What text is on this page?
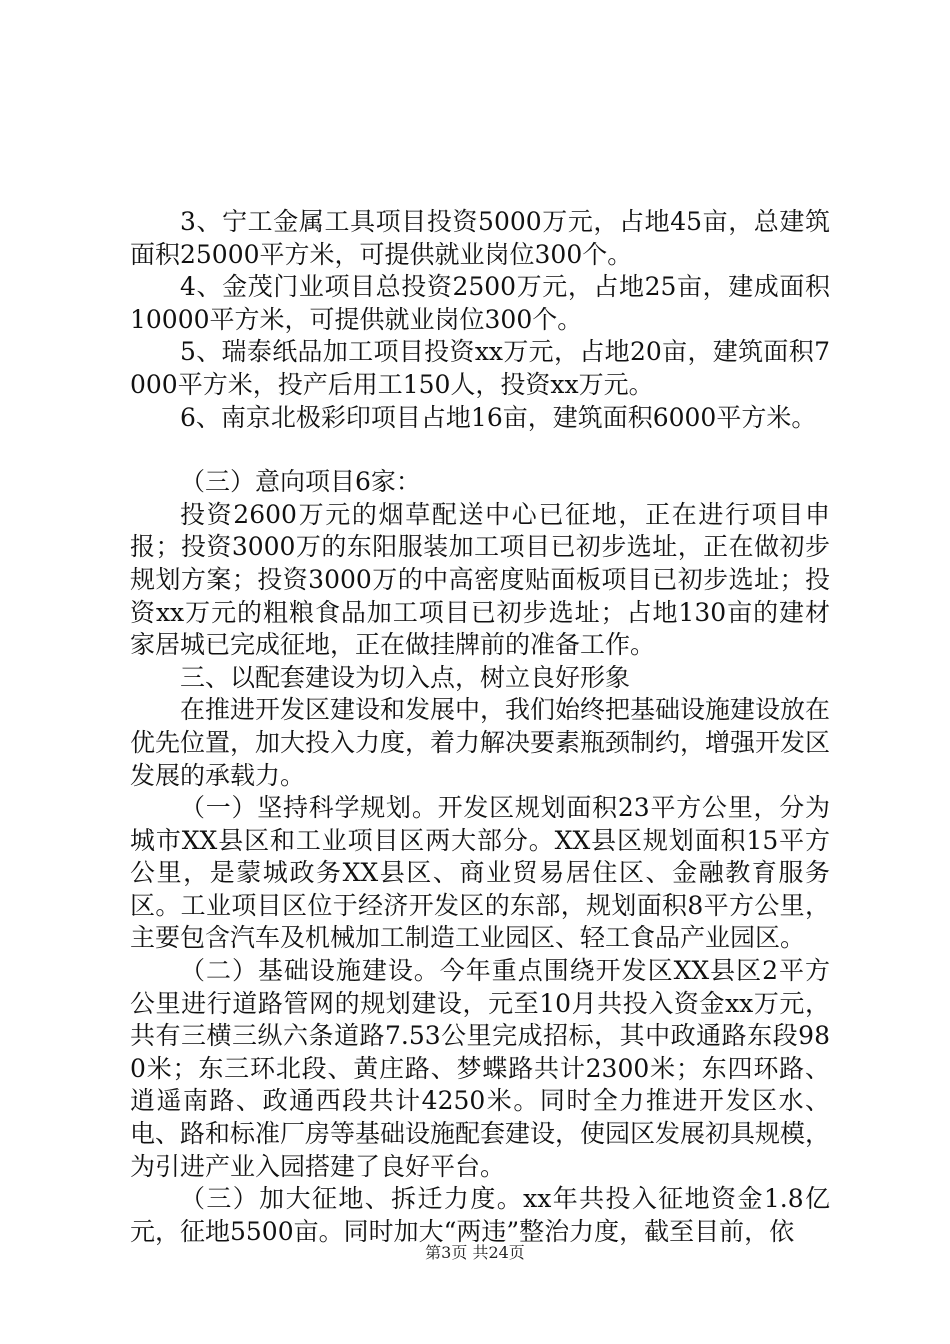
3、宁工金属工具项目投资5000万元，占地45亩，总建筑面积25000平方米，可提供就业岗位300个。

4、金茂门业项目总投资2500万元，占地25亩，建成面积10000平方米，可提供就业岗位300个。

5、瑞泰纸品加工项目投资xx万元，占地20亩，建筑面积7000平方米，投产后用工150人，投资xx万元。

6、南京北极彩印项目占地16亩，建筑面积6000平方米。

（三）意向项目6家：

投资2600万元的烟草配送中心已征地，正在进行项目申报；投资3000万的东阳服装加工项目已初步选址，正在做初步规划方案；投资3000万的中高密度贴面板项目已初步选址；投资xx万元的粗粮食品加工项目已初步选址；占地130亩的建材家居城已完成征地，正在做挂牌前的准备工作。

三、以配套建设为切入点，树立良好形象

在推进开发区建设和发展中，我们始终把基础设施建设放在优先位置，加大投入力度，着力解决要素瓶颈制约，增强开发区发展的承载力。

（一）坚持科学规划。开发区规划面积23平方公里，分为城市XX县区和工业项目区两大部分。XX县区规划面积15平方公里，是蒙城政务XX县区、商业贸易居住区、金融教育服务区。工业项目区位于经济开发区的东部，规划面积8平方公里，主要包含汽车及机械加工制造工业园区、轻工食品产业园区。

（二）基础设施建设。今年重点围绕开发区XX县区2平方公里进行道路管网的规划建设，元至10月共投入资金xx万元，共有三横三纵六条道路7.53公里完成招标，其中政通路东段980米；东三环北段、黄庄路、梦蝶路共计2300米；东四环路、逍遥南路、政通西段共计4250米。同时全力推进开发区水、电、路和标准厂房等基础设施配套建设，使园区发展初具规模，为引进产业入园搭建了良好平台。

（三）加大征地、拆迁力度。xx年共投入征地资金1.8亿元，征地5500亩。同时加大“两违”整治力度，截至目前，依

第3页 共24页
